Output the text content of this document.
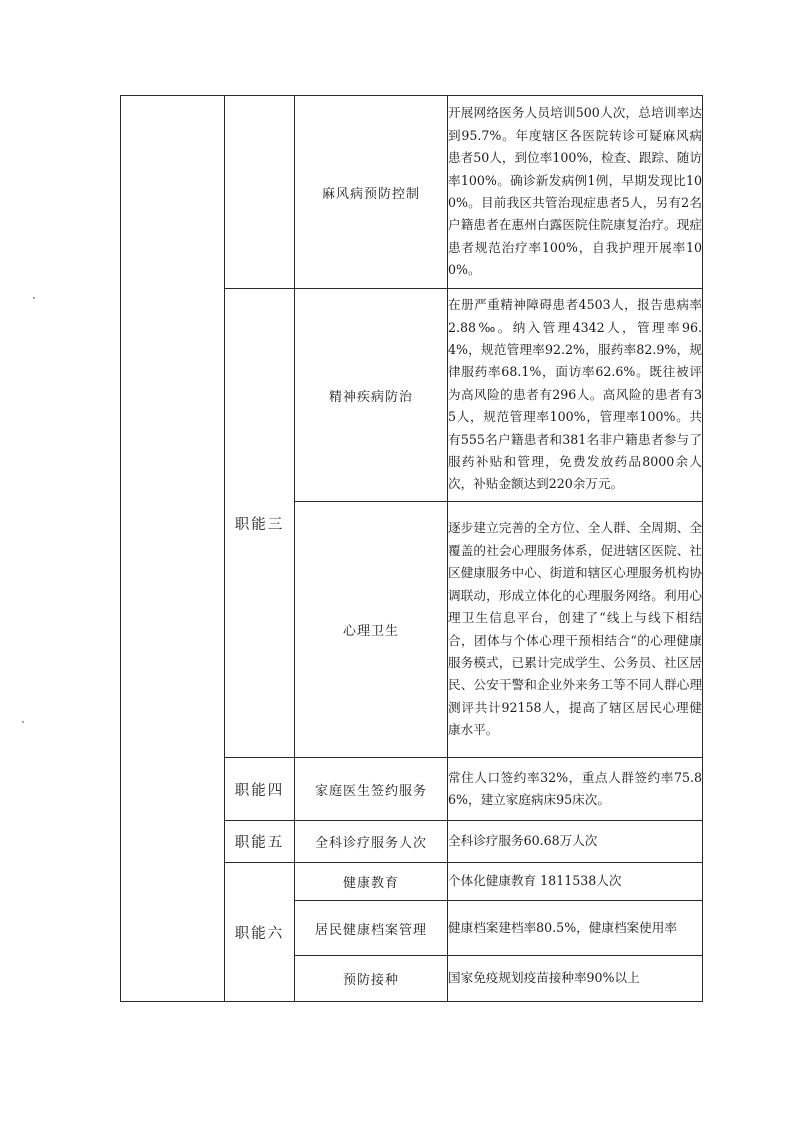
		麻风病预防控制	开展网络医务人员培训500人次，总培训率达到95.7%。年度辖区各医院转诊可疑麻风病患者50人，到位率100%，检查、跟踪、随访率100%。确诊新发病例1例，早期发现比100%。目前我区共管治现症患者5人，另有2名户籍患者在惠州白露医院住院康复治疗。现症患者规范治疗率100%，自我护理开展率100%。
	职能三	精神疾病防治	在册严重精神障碍患者4503人，报告患病率2.88‰。纳入管理4342人，管理率96.4%，规范管理率92.2%，服药率82.9%，规律服药率68.1%，面访率62.6%。既往被评为高风险的患者有296人。高风险的患者有35人，规范管理率100%，管理率100%。共有555名户籍患者和381名非户籍患者参与了服药补贴和管理，免费发放药品8000余人次，补贴金额达到220余万元。
		心理卫生	逐步建立完善的全方位、全人群、全周期、全覆盖的社会心理服务体系，促进辖区医院、社区健康服务中心、街道和辖区心理服务机构协调联动，形成立体化的心理服务网络。利用心理卫生信息平台，创建了“线上与线下相结合，团体与个体心理干预相结合“的心理健康服务模式，已累计完成学生、公务员、社区居民、公安干警和企业外来务工等不同人群心理测评共计92158人，提高了辖区居民心理健康水平。
	职能四	家庭医生签约服务	常住人口签约率32%，重点人群签约率75.86%，建立家庭病床95床次。
	职能五	全科诊疗服务人次	全科诊疗服务60.68万人次
	职能六	健康教育	个体化健康教育 1811538人次
		居民健康档案管理	健康档案建档率80.5%，健康档案使用率
		预防接种	国家免疫规划疫苗接种率90%以上
